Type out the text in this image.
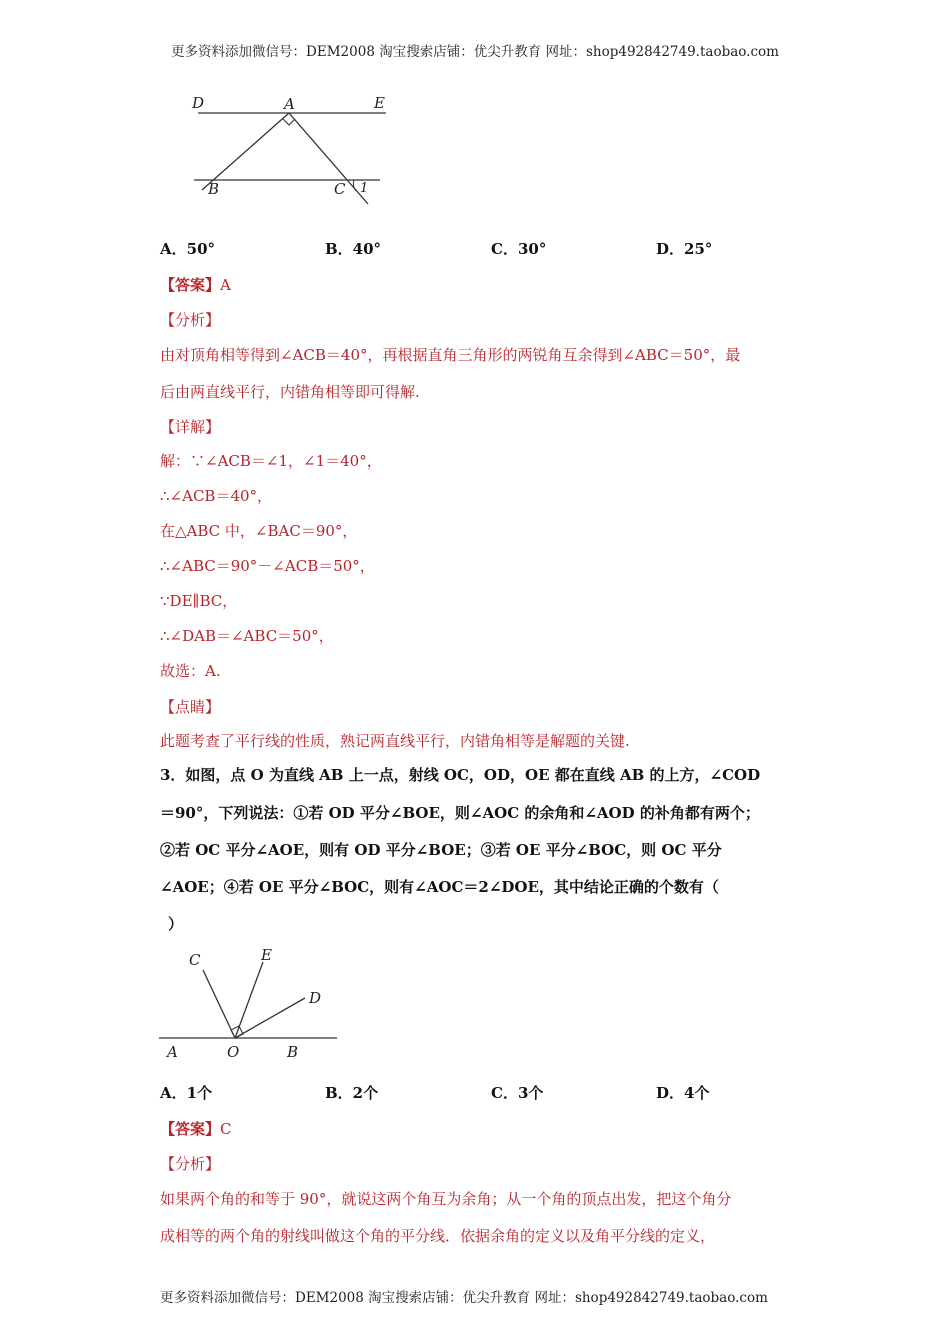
更多资料添加微信号：DEM2008 淘宝搜索店铺：优尖升教育 网址：shop492842749.taobao.com
D	A	E
B	C 1
A．50°	B．40°	C．30°	D．25°
【答案】A
【分析】
由对顶角相等得到∠ACB＝40°，再根据直角三角形的两锐角互余得到∠ABC＝50°，最
后由两直线平行，内错角相等即可得解.
【详解】
解：∵∠ACB＝∠1，∠1＝40°，
∴∠ACB＝40°，
在△ABC 中，∠BAC＝90°，
∴∠ABC＝90°－∠ACB＝50°，
∵DE∥BC，
∴∠DAB＝∠ABC＝50°，
故选：A.
【点睛】
此题考查了平行线的性质，熟记两直线平行，内错角相等是解题的关键.
3．如图，点 O 为直线 AB 上一点，射线 OC，OD，OE 都在直线 AB 的上方，∠COD
＝90°，下列说法：①若 OD 平分∠BOE，则∠AOC 的余角和∠AOD 的补角都有两个；
②若 OC 平分∠AOE，则有 OD 平分∠BOE；③若 OE 平分∠BOC，则 OC 平分
∠AOE；④若 OE 平分∠BOC，则有∠AOC＝2∠DOE，其中结论正确的个数有（
）
C	E
D
A	O	B
A．1个	B．2个	C．3个	D．4个
【答案】C
【分析】
如果两个角的和等于 90°，就说这两个角互为余角；从一个角的顶点出发，把这个角分
成相等的两个角的射线叫做这个角的平分线．依据余角的定义以及角平分线的定义，
更多资料添加微信号：DEM2008 淘宝搜索店铺：优尖升教育 网址：shop492842749.taobao.com
